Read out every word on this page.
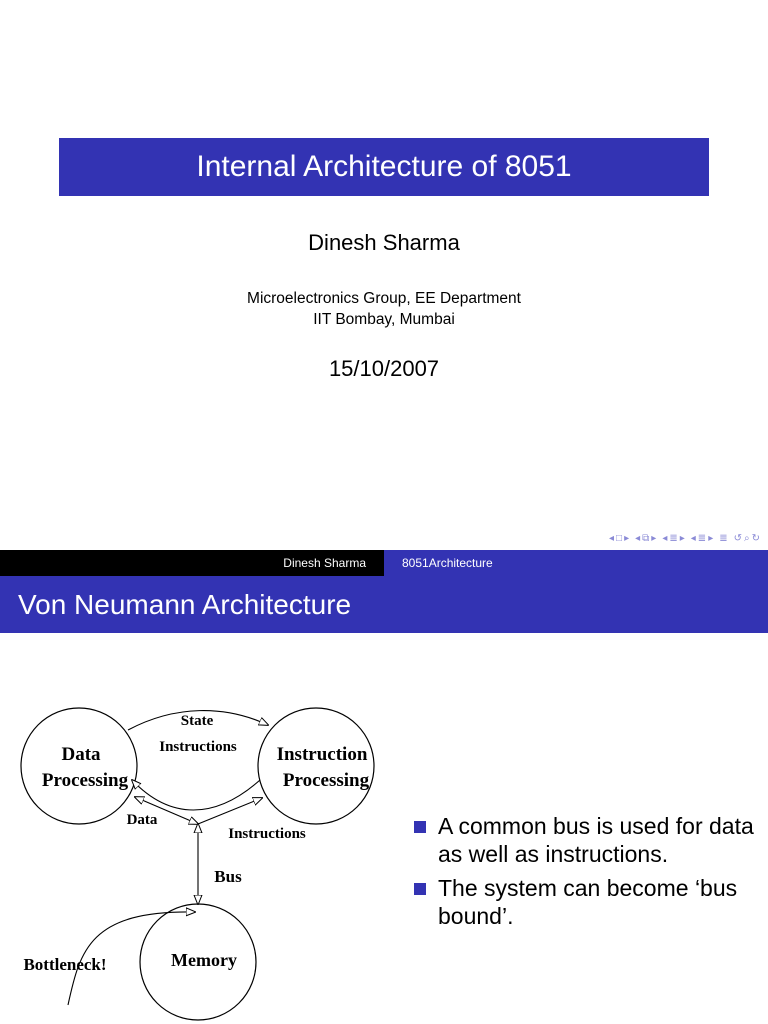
Internal Architecture of 8051
Dinesh Sharma
Microelectronics Group, EE Department
IIT Bombay, Mumbai
15/10/2007
◂ □ ▸ ◂ ⧉ ▸ ◂ ≣ ▸ ◂ ≣ ▸ ≣ ↺ ⌕ ↻
Dinesh Sharma	8051Architecture
Von Neumann Architecture
Data
Processing
Instruction
Processing
State
Instructions
Data
Instructions
Bus
Memory
Bottleneck!
A common bus is used for data as well as instructions.
The system can become ‘bus bound’.
